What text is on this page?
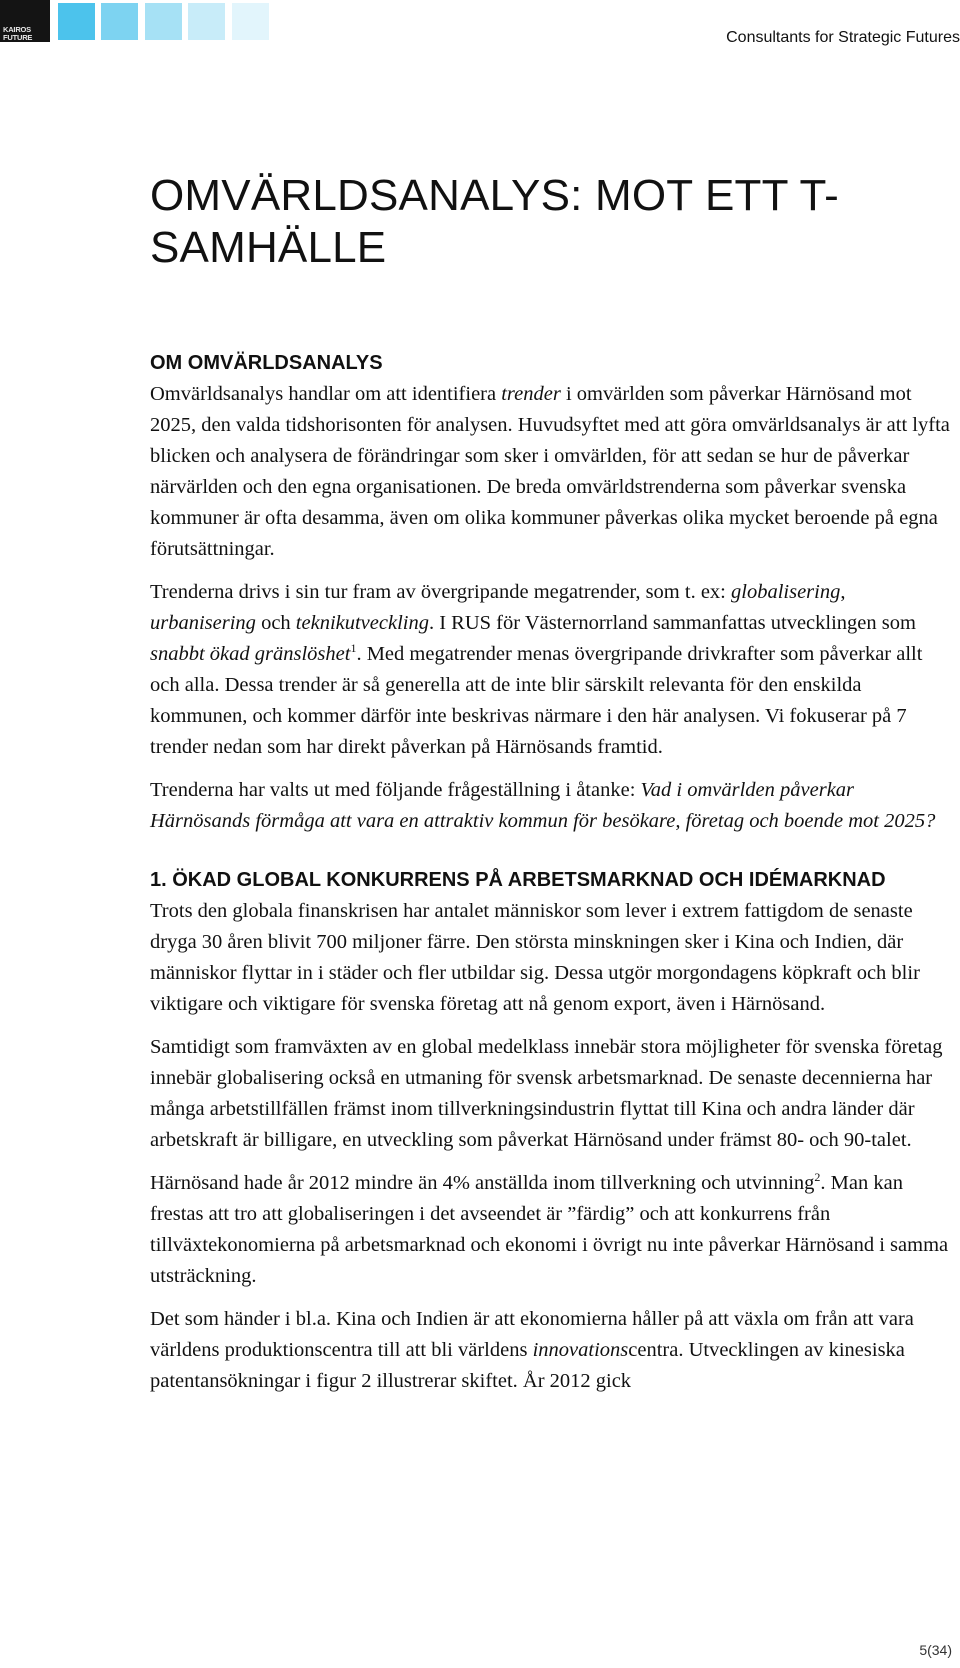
KAIROS
FUTURE	Consultants for Strategic Futures
OMVÄRLDSANALYS: MOT ETT T-SAMHÄLLE
OM OMVÄRLDSANALYS

Omvärldsanalys handlar om att identifiera trender i omvärlden som påverkar Härnösand mot 2025, den valda tidshorisonten för analysen. Huvudsyftet med att göra omvärldsanalys är att lyfta blicken och analysera de förändringar som sker i omvärlden, för att sedan se hur de påverkar närvärlden och den egna organisationen. De breda omvärldstrenderna som påverkar svenska kommuner är ofta desamma, även om olika kommuner påverkas olika mycket beroende på egna förutsättningar.

Trenderna drivs i sin tur fram av övergripande megatrender, som t. ex: globalisering, urbanisering och teknikutveckling. I RUS för Västernorrland sammanfattas utvecklingen som snabbt ökad gränslöshet$^1$. Med megatrender menas övergripande drivkrafter som påverkar allt och alla. Dessa trender är så generella att de inte blir särskilt relevanta för den enskilda kommunen, och kommer därför inte beskrivas närmare i den här analysen. Vi fokuserar på 7 trender nedan som har direkt påverkan på Härnösands framtid.

Trenderna har valts ut med följande frågeställning i åtanke: Vad i omvärlden påverkar Härnösands förmåga att vara en attraktiv kommun för besökare, företag och boende mot 2025?

1. ÖKAD GLOBAL KONKURRENS PÅ ARBETSMARKNAD OCH IDÉMARKNAD

Trots den globala finanskrisen har antalet människor som lever i extrem fattigdom de senaste dryga 30 åren blivit 700 miljoner färre. Den största minskningen sker i Kina och Indien, där människor flyttar in i städer och fler utbildar sig. Dessa utgör morgondagens köpkraft och blir viktigare och viktigare för svenska företag att nå genom export, även i Härnösand.

Samtidigt som framväxten av en global medelklass innebär stora möjligheter för svenska företag innebär globalisering också en utmaning för svensk arbetsmarknad. De senaste decennierna har många arbetstillfällen främst inom tillverkningsindustrin flyttat till Kina och andra länder där arbetskraft är billigare, en utveckling som påverkat Härnösand under främst 80- och 90-talet.

Härnösand hade år 2012 mindre än 4% anställda inom tillverkning och utvinning$^2$. Man kan frestas att tro att globaliseringen i det avseendet är ”färdig” och att konkurrens från tillväxtekonomierna på arbetsmarknad och ekonomi i övrigt nu inte påverkar Härnösand i samma utsträckning.

Det som händer i bl.a. Kina och Indien är att ekonomierna håller på att växla om från att vara världens produktionscentra till att bli världens innovationscentra. Utvecklingen av kinesiska patentansökningar i figur 2 illustrerar skiftet. År 2012 gick

5(34)
